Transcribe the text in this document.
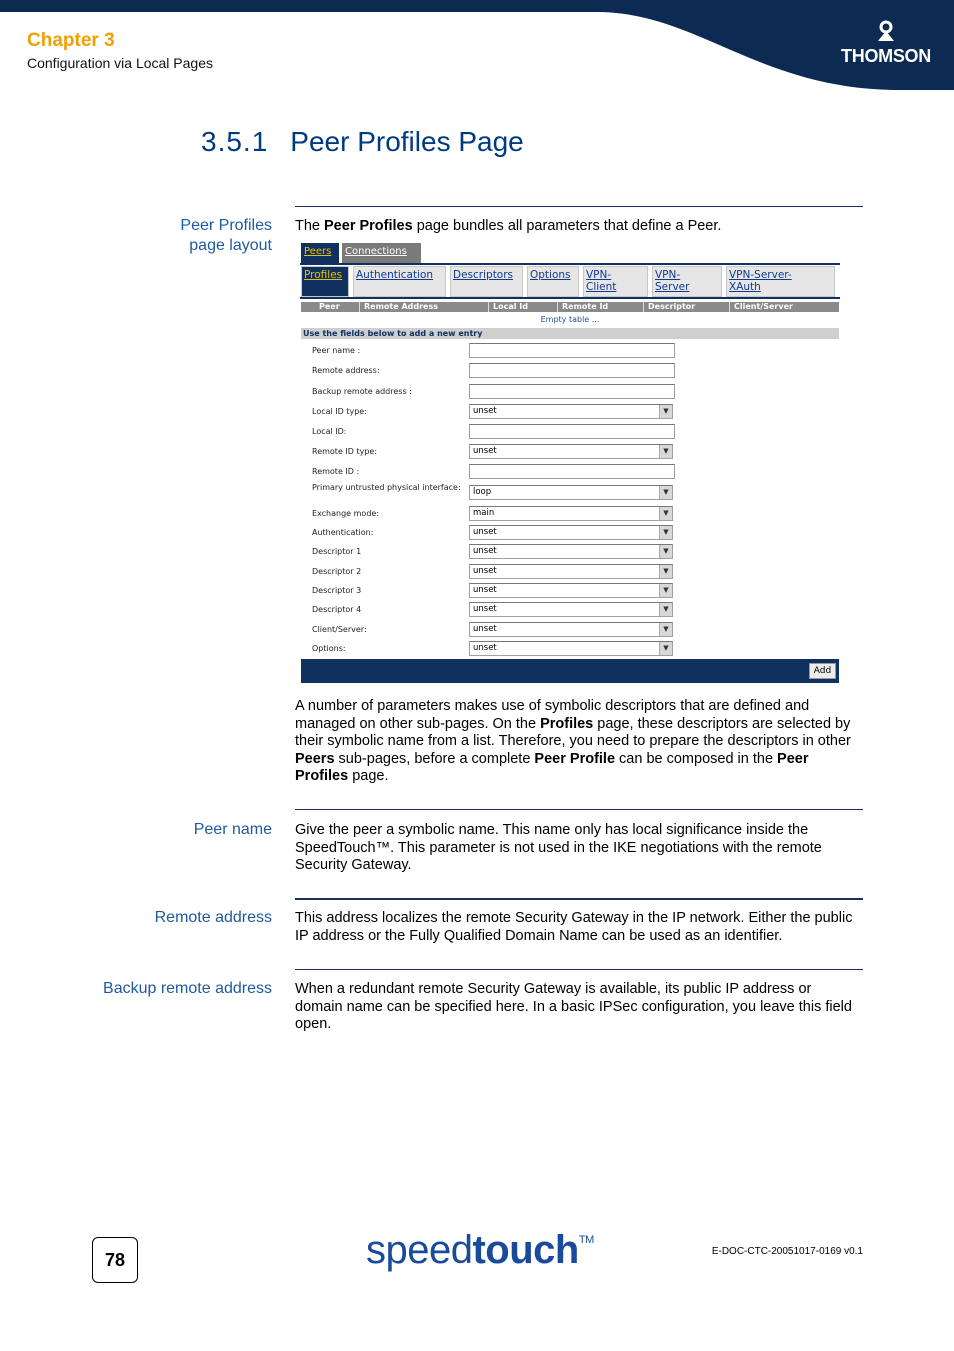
Chapter 3
Configuration via Local Pages	THOMSON
3.5.1 Peer Profiles Page
Peer Profiles
page layout
The Peer Profiles page bundles all parameters that define a Peer.
Peers	Connections
Profiles	Authentication	Descriptors	Options	VPN-
Client
VPN-
Server
VPN-Server-
XAuth
Peer	Remote Address	Local Id	Remote Id	Descriptor	Client/Server
Empty table ...
Use the fields below to add a new entry
Peer name :
Remote address:
Backup remote address :
Local ID type:	unset	▼
Local ID:
Remote ID type:	unset	▼
Remote ID :
Primary untrusted physical interface:	loop	▼
Exchange mode:	main	▼
Authentication:	unset	▼
Descriptor 1	unset	▼
Descriptor 2	unset	▼
Descriptor 3	unset	▼
Descriptor 4	unset	▼
Client/Server:	unset	▼
Options:	unset	▼
Add
A number of parameters makes use of symbolic descriptors that are defined and managed on other sub-pages. On the Profiles page, these descriptors are selected by their symbolic name from a list. Therefore, you need to prepare the descriptors in other Peers sub-pages, before a complete Peer Profile can be composed in the Peer Profiles page.
Peer name Give the peer a symbolic name. This name only has local significance inside the SpeedTouch™. This parameter is not used in the IKE negotiations with the remote Security Gateway.
Remote address This address localizes the remote Security Gateway in the IP network. Either the public IP address or the Fully Qualified Domain Name can be used as an identifier.
Backup remote address When a redundant remote Security Gateway is available, its public IP address or domain name can be specified here. In a basic IPSec configuration, you leave this field open.
78	speedtouch™
E-DOC-CTC-20051017-0169 v0.1
